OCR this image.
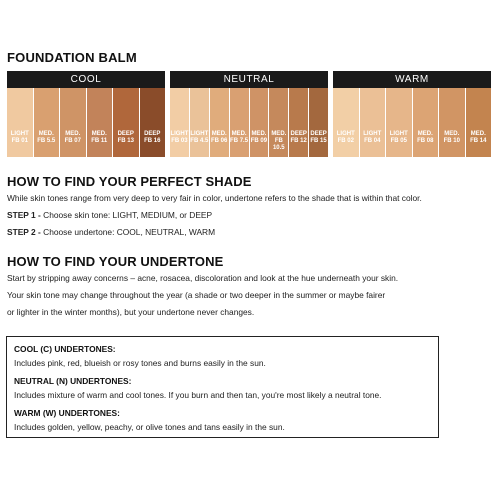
FOUNDATION BALM
COOL
LIGHT
FB 01
MED.
FB 5.5
MED.
FB 07
MED.
FB 11
DEEP
FB 13
DEEP
FB 16
NEUTRAL
LIGHT
FB 03
LIGHT
FB 4.5
MED.
FB 06
MED.
FB 7.5
MED.
FB 09
MED.
FB 10.5
DEEP
FB 12
DEEP
FB 15
WARM
LIGHT
FB 02
LIGHT
FB 04
LIGHT
FB 05
MED.
FB 08
MED.
FB 10
MED.
FB 14
HOW TO FIND YOUR PERFECT SHADE
While skin tones range from very deep to very fair in color, undertone refers to the shade that is within that color.
STEP 1 - Choose skin tone: LIGHT, MEDIUM, or DEEP
STEP 2 - Choose undertone: COOL, NEUTRAL, WARM
HOW TO FIND YOUR UNDERTONE
Start by stripping away concerns – acne, rosacea, discoloration and look at the hue underneath your skin.
Your skin tone may change throughout the year (a shade or two deeper in the summer or maybe fairer
or lighter in the winter months), but your undertone never changes.
COOL (C) UNDERTONES:
Includes pink, red, blueish or rosy tones and burns easily in the sun.
NEUTRAL (N) UNDERTONES:
Includes mixture of warm and cool tones. If you burn and then tan, you're most likely a neutral tone.
WARM (W) UNDERTONES:
Includes golden, yellow, peachy, or olive tones and tans easily in the sun.
